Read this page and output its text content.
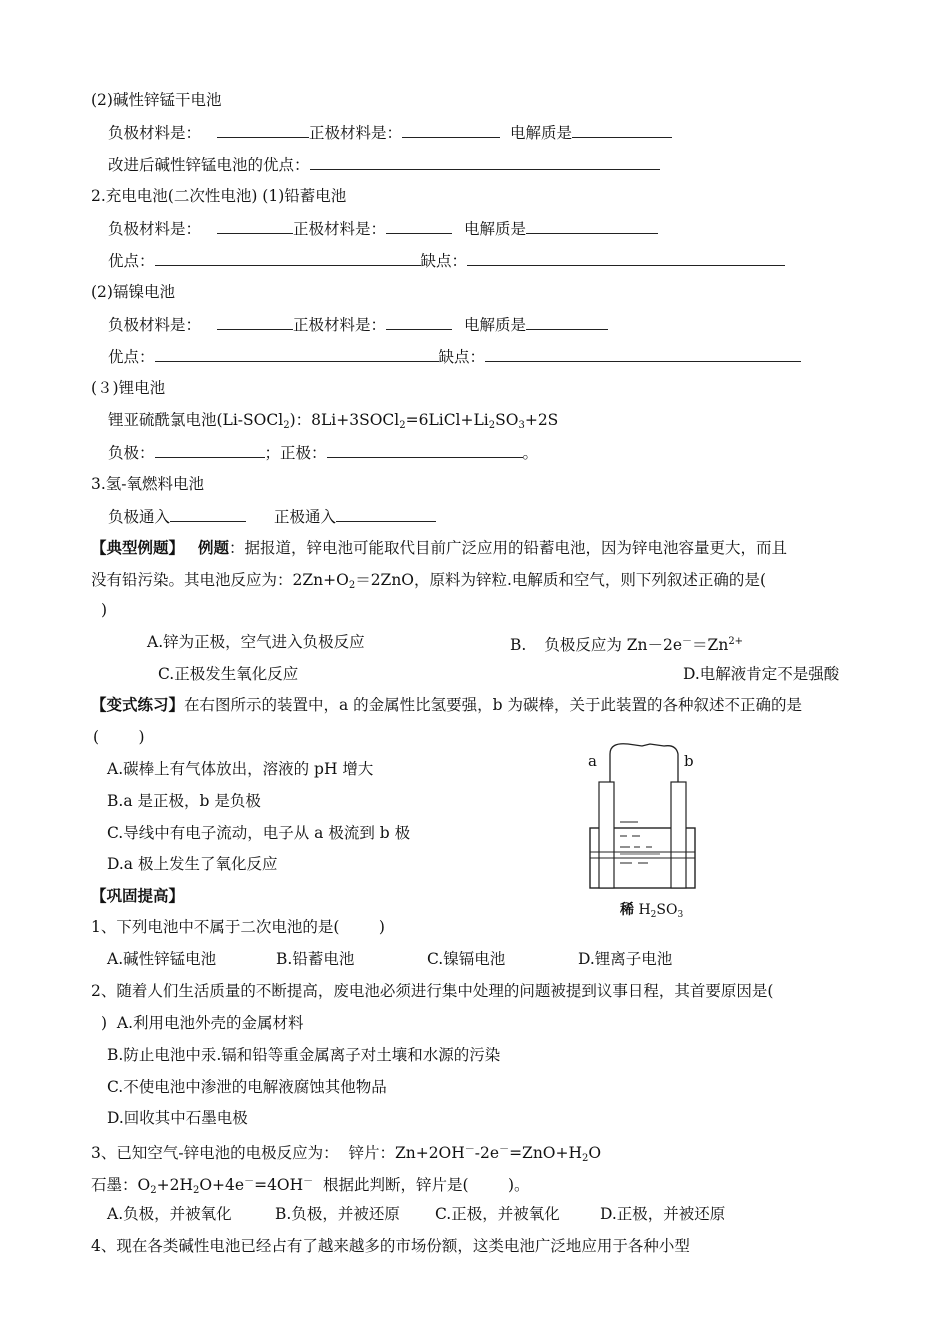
(2)碱性锌锰干电池
负极材料是：	正极材料是：	电解质是
改进后碱性锌锰电池的优点：
2.充电电池(二次性电池) (1)铅蓄电池
负极材料是：	正极材料是：	电解质是
优点：	缺点：
(2)镉镍电池
负极材料是：	正极材料是：	电解质是
优点：	缺点：
(３)锂电池
锂亚硫酰氯电池(Li-SOCl$_2$)：$8Li+3SOCl_2=6LiCl+Li_2SO_3+2S$
负极：	；正极：	。
3.氢-氧燃料电池
负极通入	正极通入
【典型例题】 例题：据报道，锌电池可能取代目前广泛应用的铅蓄电池，因为锌电池容量更大，而且
没有铅污染。其电池反应为：$2Zn+O_2=2ZnO$，原料为锌粒.电解质和空气，则下列叙述正确的是(
)
A.锌为正极，空气进入负极反应	B. 负极反应为 $Zn-2e^-=Zn^{2+}$
C.正极发生氧化反应	D.电解液肯定不是强酸
【变式练习】在右图所示的装置中，a 的金属性比氢要强，b 为碳棒，关于此装置的各种叙述不正确的是
(        )
A.碳棒上有气体放出，溶液的 pH 增大
B.a 是正极，b 是负极
C.导线中有电子流动，电子从 a 极流到 b 极
D.a 极上发生了氧化反应
a	b
稀 $H_2SO_3$
【巩固提高】
1、下列电池中不属于二次电池的是(        )
A.碱性锌锰电池	B.铅蓄电池	C.镍镉电池	D.锂离子电池
2、随着人们生活质量的不断提高，废电池必须进行集中处理的问题被提到议事日程，其首要原因是(
)  A.利用电池外壳的金属材料
B.防止电池中汞.镉和铅等重金属离子对土壤和水源的污染
C.不使电池中渗泄的电解液腐蚀其他物品
D.回收其中石墨电极
3、已知空气-锌电池的电极反应为：  锌片：$Zn+2OH^--2e^-=ZnO+H_2O$
石墨：$O_2+2H_2O+4e^-=4OH^-$  根据此判断，锌片是(        )。
A.负极，并被氧化	B.负极，并被还原 C.正极，并被氧化	D.正极，并被还原
4、现在各类碱性电池已经占有了越来越多的市场份额，这类电池广泛地应用于各种小型
